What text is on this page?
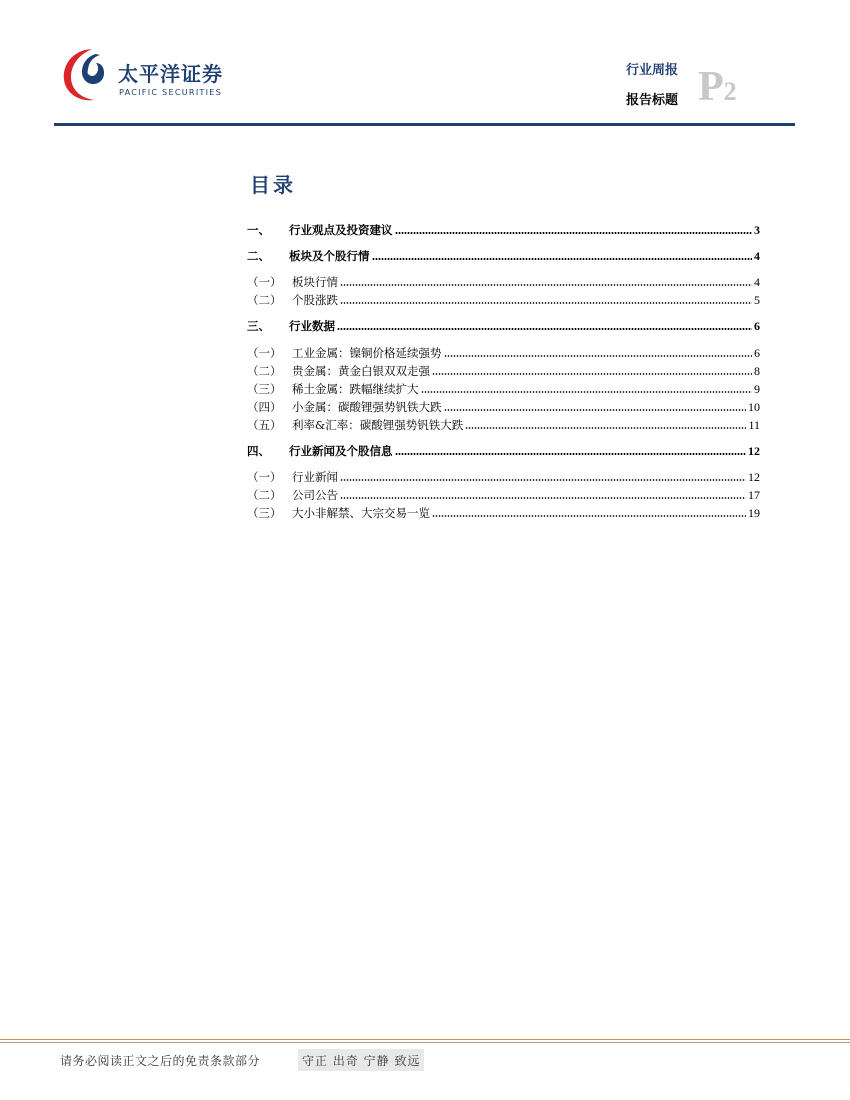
太平洋证券
PACIFIC SECURITIES
行业周报
报告标题 P2
目录
一、	行业观点及投资建议	3
二、	板块及个股行情	4
（一） 板块行情	4
（二） 个股涨跌	5
三、	行业数据	6
（一） 工业金属：镍铜价格延续强势	6
（二） 贵金属：黄金白银双双走强	8
（三） 稀土金属：跌幅继续扩大	9
（四） 小金属：碳酸锂强势钒铁大跌	10
（五） 利率&汇率：碳酸锂强势钒铁大跌	11
四、	行业新闻及个股信息	12
（一） 行业新闻	12
（二） 公司公告	17
（三） 大小非解禁、大宗交易一览	19
请务必阅读正文之后的免责条款部分	守正 出奇 宁静 致远
